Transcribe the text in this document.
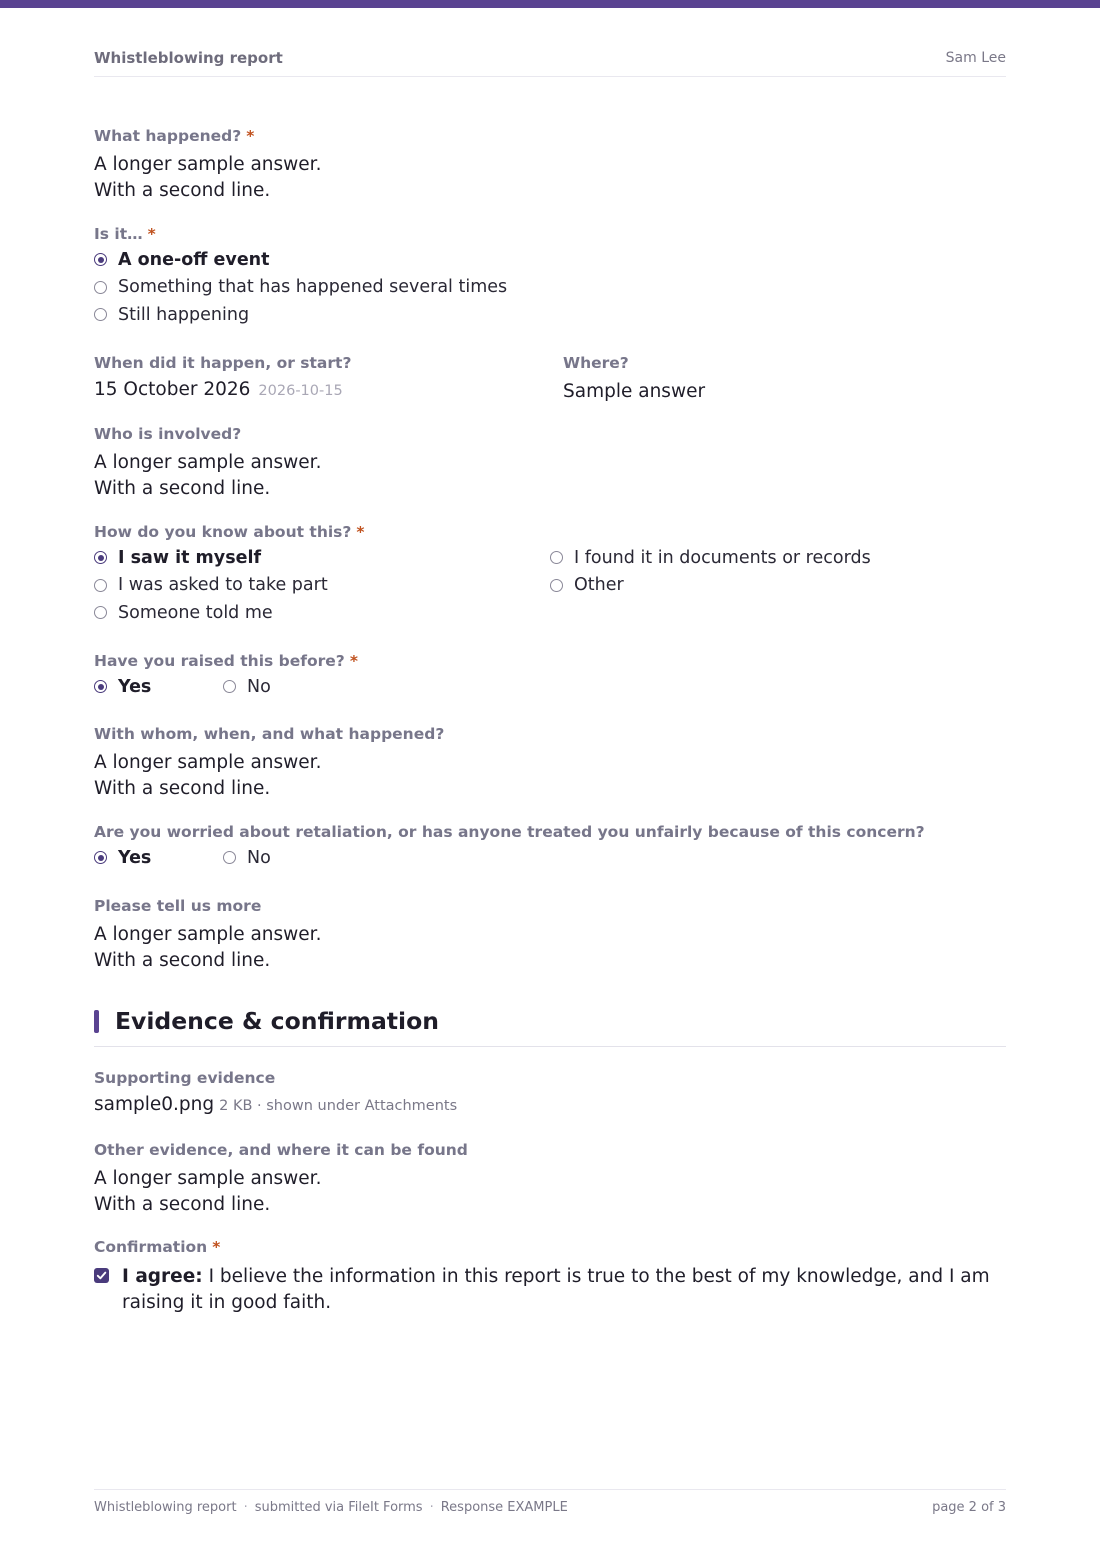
Whistleblowing report	Sam Lee

What happened? *

A longer sample answer.
With a second line.

Is it… *

A one-off event
Something that has happened several times
Still happening

When did it happen, or start?

15 October 2026 2026-10-15

Where?

Sample answer

Who is involved?

A longer sample answer.
With a second line.

How do you know about this? *

I saw it myself
I was asked to take part
Someone told me
I found it in documents or records
Other

Have you raised this before? *

Yes	No

With whom, when, and what happened?

A longer sample answer.
With a second line.

Are you worried about retaliation, or has anyone treated you unfairly because of this concern?

Yes	No

Please tell us more

A longer sample answer.
With a second line.
Evidence & confirmation

Supporting evidence

sample0.png 2 KB · shown under Attachments

Other evidence, and where it can be found

A longer sample answer.
With a second line.

Confirmation *

I agree: I believe the information in this report is true to the best of my knowledge, and I am raising it in good faith.
Whistleblowing report · submitted via FileIt Forms · Response EXAMPLE	page 2 of 3
